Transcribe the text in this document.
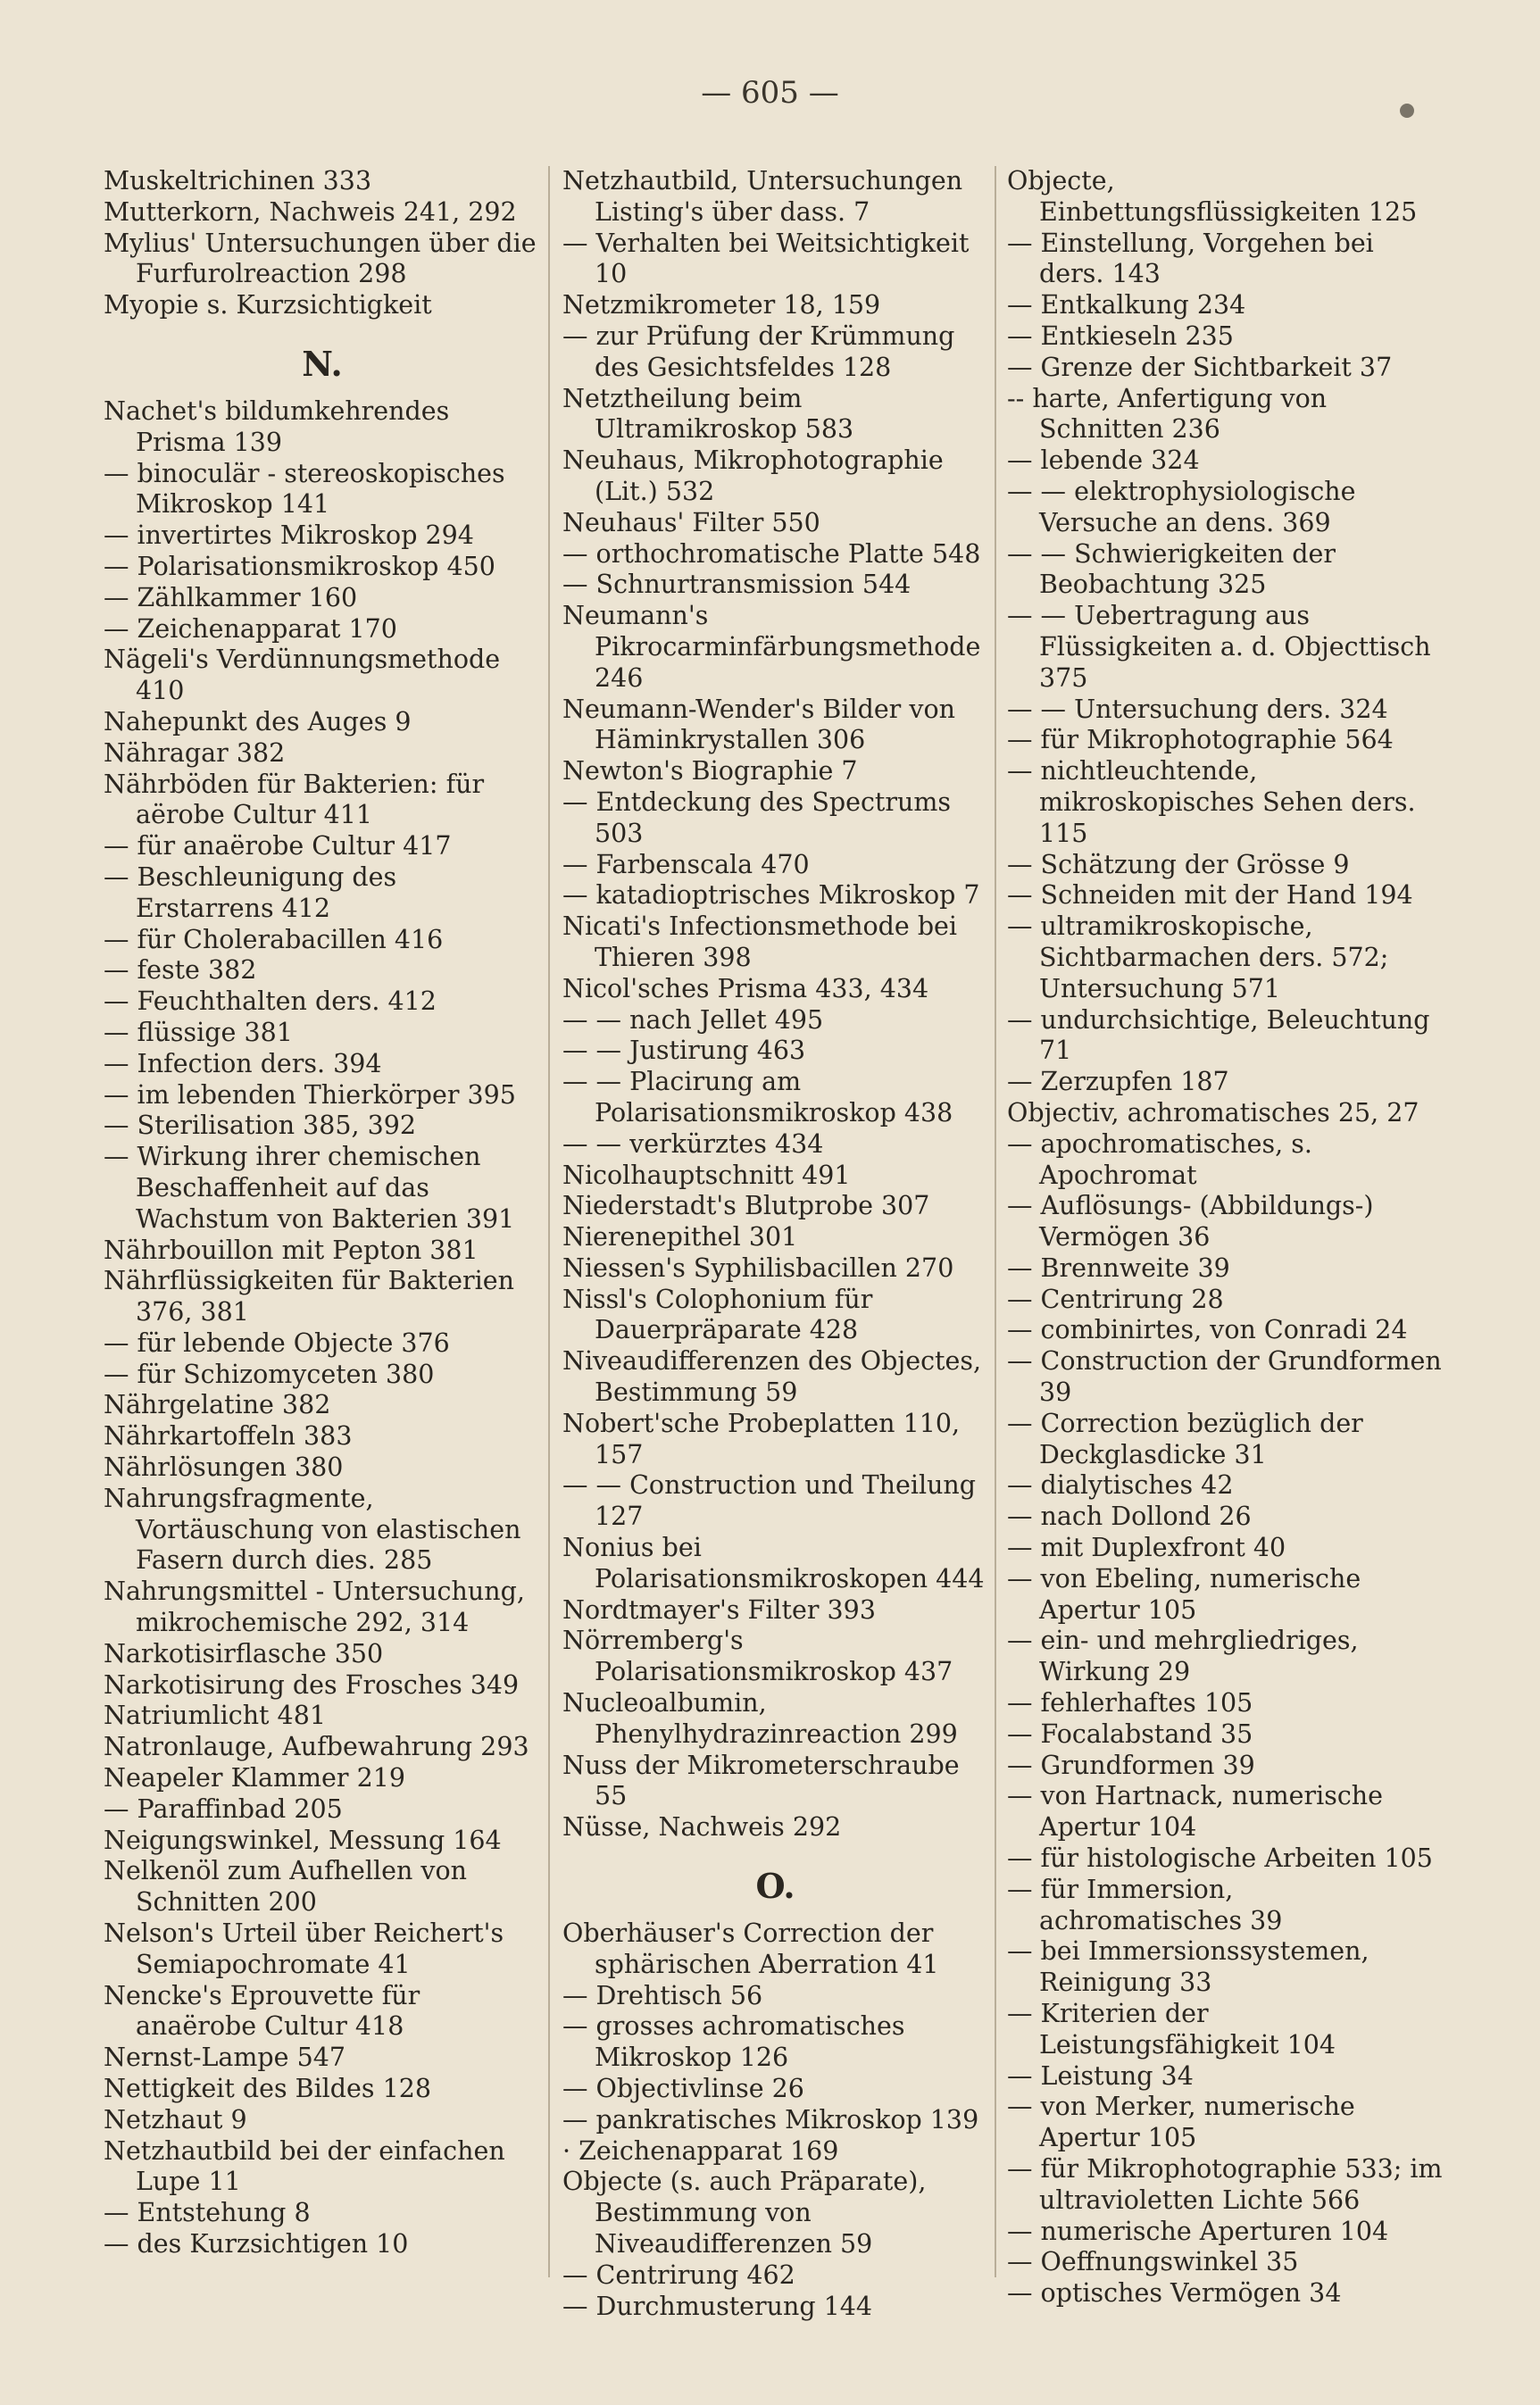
— 605 —

Muskeltrichinen 333

Mutterkorn, Nachweis 241, 292

Mylius' Untersuchungen über die Furfurolreaction 298

Myopie s. Kurzsichtigkeit

N.

Nachet's bildumkehrendes Prisma 139

— binoculär - stereoskopisches Mikroskop 141

— invertirtes Mikroskop 294

— Polarisationsmikroskop 450

— Zählkammer 160

— Zeichenapparat 170

Nägeli's Verdünnungsmethode 410

Nahepunkt des Auges 9

Nähragar 382

Nährböden für Bakterien: für aërobe Cultur 411

— für anaërobe Cultur 417

— Beschleunigung des Erstarrens 412

— für Cholerabacillen 416

— feste 382

— Feuchthalten ders. 412

— flüssige 381

— Infection ders. 394

— im lebenden Thierkörper 395

— Sterilisation 385, 392

— Wirkung ihrer chemischen Beschaffenheit auf das Wachstum von Bakterien 391

Nährbouillon mit Pepton 381

Nährflüssigkeiten für Bakterien 376, 381

— für lebende Objecte 376

— für Schizomyceten 380

Nährgelatine 382

Nährkartoffeln 383

Nährlösungen 380

Nahrungsfragmente, Vortäuschung von elastischen Fasern durch dies. 285

Nahrungsmittel - Untersuchung, mikrochemische 292, 314

Narkotisirflasche 350

Narkotisirung des Frosches 349

Natriumlicht 481

Natronlauge, Aufbewahrung 293

Neapeler Klammer 219

— Paraffinbad 205

Neigungswinkel, Messung 164

Nelkenöl zum Aufhellen von Schnitten 200

Nelson's Urteil über Reichert's Semiapochromate 41

Nencke's Eprouvette für anaërobe Cultur 418

Nernst-Lampe 547

Nettigkeit des Bildes 128

Netzhaut 9

Netzhautbild bei der einfachen Lupe 11

— Entstehung 8

— des Kurzsichtigen 10

Netzhautbild, Untersuchungen Listing's über dass. 7

— Verhalten bei Weitsichtigkeit 10

Netzmikrometer 18, 159

— zur Prüfung der Krümmung des Gesichtsfeldes 128

Netztheilung beim Ultramikroskop 583

Neuhaus, Mikrophotographie (Lit.) 532

Neuhaus' Filter 550

— orthochromatische Platte 548

— Schnurtransmission 544

Neumann's Pikrocarminfärbungsmethode 246

Neumann-Wender's Bilder von Häminkrystallen 306

Newton's Biographie 7

— Entdeckung des Spectrums 503

— Farbenscala 470

— katadioptrisches Mikroskop 7

Nicati's Infectionsmethode bei Thieren 398

Nicol'sches Prisma 433, 434

— — nach Jellet 495

— — Justirung 463

— — Placirung am Polarisationsmikroskop 438

— — verkürztes 434

Nicolhauptschnitt 491

Niederstadt's Blutprobe 307

Nierenepithel 301

Niessen's Syphilisbacillen 270

Nissl's Colophonium für Dauerpräparate 428

Niveaudifferenzen des Objectes, Bestimmung 59

Nobert'sche Probeplatten 110, 157

— — Construction und Theilung 127

Nonius bei Polarisationsmikroskopen 444

Nordtmayer's Filter 393

Nörremberg's Polarisationsmikroskop 437

Nucleoalbumin, Phenylhydrazinreaction 299

Nuss der Mikrometerschraube 55

Nüsse, Nachweis 292

O.

Oberhäuser's Correction der sphärischen Aberration 41

— Drehtisch 56

— grosses achromatisches Mikroskop 126

— Objectivlinse 26

— pankratisches Mikroskop 139

· Zeichenapparat 169

Objecte (s. auch Präparate), Bestimmung von Niveaudifferenzen 59

— Centrirung 462

— Durchmusterung 144

Objecte, Einbettungsflüssigkeiten 125

— Einstellung, Vorgehen bei ders. 143

— Entkalkung 234

— Entkieseln 235

— Grenze der Sichtbarkeit 37

-- harte, Anfertigung von Schnitten 236

— lebende 324

— — elektrophysiologische Versuche an dens. 369

— — Schwierigkeiten der Beobachtung 325

— — Uebertragung aus Flüssigkeiten a. d. Objecttisch 375

— — Untersuchung ders. 324

— für Mikrophotographie 564

— nichtleuchtende, mikroskopisches Sehen ders. 115

— Schätzung der Grösse 9

— Schneiden mit der Hand 194

— ultramikroskopische, Sichtbarmachen ders. 572; Untersuchung 571

— undurchsichtige, Beleuchtung 71

— Zerzupfen 187

Objectiv, achromatisches 25, 27

— apochromatisches, s. Apochromat

— Auflösungs- (Abbildungs-) Vermögen 36

— Brennweite 39

— Centrirung 28

— combinirtes, von Conradi 24

— Construction der Grundformen 39

— Correction bezüglich der Deckglasdicke 31

— dialytisches 42

— nach Dollond 26

— mit Duplexfront 40

— von Ebeling, numerische Apertur 105

— ein- und mehrgliedriges, Wirkung 29

— fehlerhaftes 105

— Focalabstand 35

— Grundformen 39

— von Hartnack, numerische Apertur 104

— für histologische Arbeiten 105

— für Immersion, achromatisches 39

— bei Immersionssystemen, Reinigung 33

— Kriterien der Leistungsfähigkeit 104

— Leistung 34

— von Merker, numerische Apertur 105

— für Mikrophotographie 533; im ultravioletten Lichte 566

— numerische Aperturen 104

— Oeffnungswinkel 35

— optisches Vermögen 34
